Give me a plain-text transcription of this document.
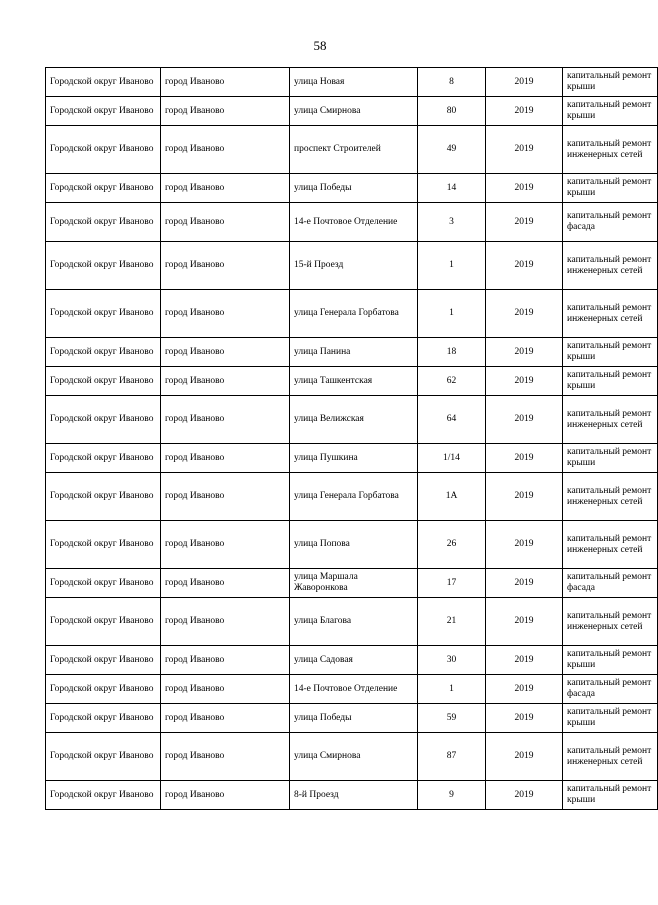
58
Городской округ Иваново	город Иваново	улица Новая	8	2019	капитальный ремонт крыши
Городской округ Иваново	город Иваново	улица Смирнова	80	2019	капитальный ремонт крыши
Городской округ Иваново	город Иваново	проспект Строителей	49	2019	капитальный ремонт инженерных сетей
Городской округ Иваново	город Иваново	улица Победы	14	2019	капитальный ремонт крыши
Городской округ Иваново	город Иваново	14-е Почтовое Отделение	3	2019	капитальный ремонт фасада
Городской округ Иваново	город Иваново	15-й Проезд	1	2019	капитальный ремонт инженерных сетей
Городской округ Иваново	город Иваново	улица Генерала Горбатова	1	2019	капитальный ремонт инженерных сетей
Городской округ Иваново	город Иваново	улица Панина	18	2019	капитальный ремонт крыши
Городской округ Иваново	город Иваново	улица Ташкентская	62	2019	капитальный ремонт крыши
Городской округ Иваново	город Иваново	улица Велижская	64	2019	капитальный ремонт инженерных сетей
Городской округ Иваново	город Иваново	улица Пушкина	1/14	2019	капитальный ремонт крыши
Городской округ Иваново	город Иваново	улица Генерала Горбатова	1А	2019	капитальный ремонт инженерных сетей
Городской округ Иваново	город Иваново	улица Попова	26	2019	капитальный ремонт инженерных сетей
Городской округ Иваново	город Иваново	улица Маршала Жаворонкова	17	2019	капитальный ремонт фасада
Городской округ Иваново	город Иваново	улица Благова	21	2019	капитальный ремонт инженерных сетей
Городской округ Иваново	город Иваново	улица Садовая	30	2019	капитальный ремонт крыши
Городской округ Иваново	город Иваново	14-е Почтовое Отделение	1	2019	капитальный ремонт фасада
Городской округ Иваново	город Иваново	улица Победы	59	2019	капитальный ремонт крыши
Городской округ Иваново	город Иваново	улица Смирнова	87	2019	капитальный ремонт инженерных сетей
Городской округ Иваново	город Иваново	8-й Проезд	9	2019	капитальный ремонт крыши
